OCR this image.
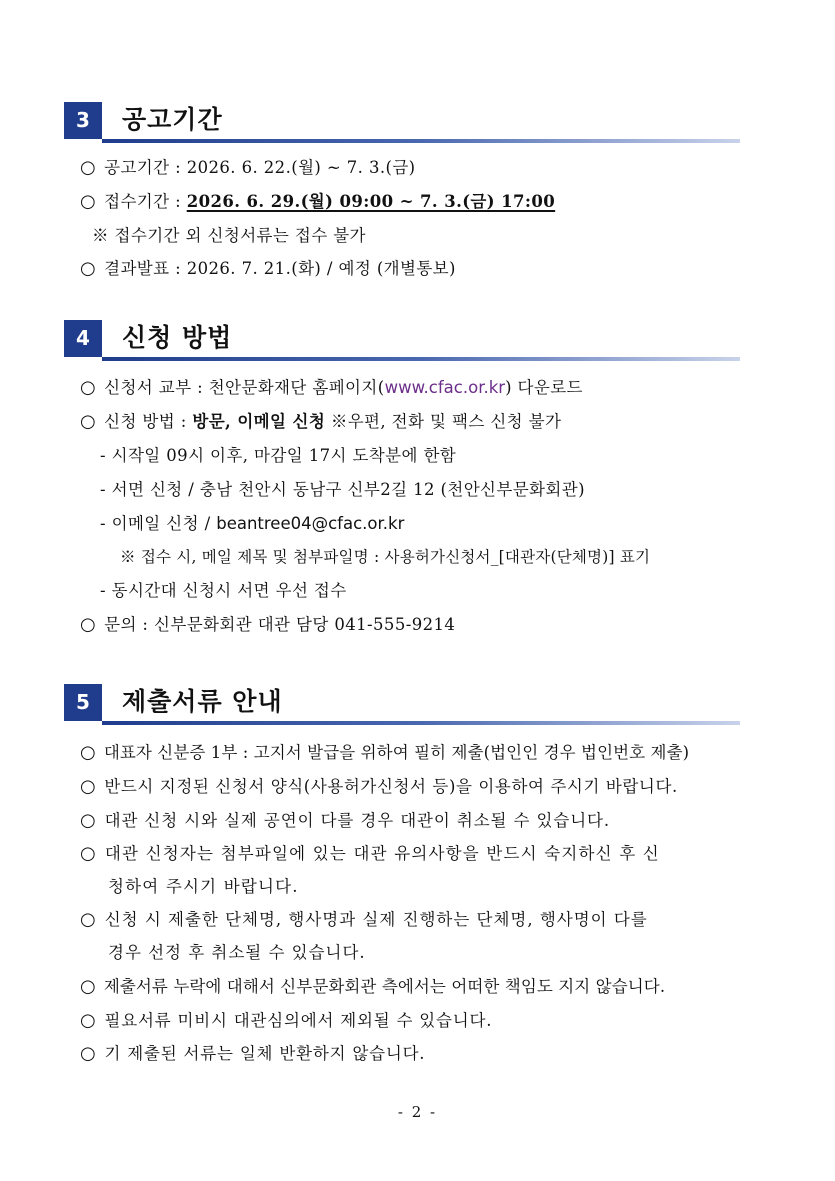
3	공고기간
○ 공고기간 : 2026. 6. 22.(월) ~ 7. 3.(금)
○ 접수기간 : 2026. 6. 29.(월) 09:00 ~ 7. 3.(금) 17:00
※ 접수기간 외 신청서류는 접수 불가
○ 결과발표 : 2026. 7. 21.(화) / 예정 (개별통보)
4	신청 방법
○ 신청서 교부 : 천안문화재단 홈페이지(www.cfac.or.kr) 다운로드
○ 신청 방법 : 방문, 이메일 신청 ※우편, 전화 및 팩스 신청 불가
- 시작일 09시 이후, 마감일 17시 도착분에 한함
- 서면 신청 / 충남 천안시 동남구 신부2길 12 (천안신부문화회관)
- 이메일 신청 / beantree04@cfac.or.kr
※ 접수 시, 메일 제목 및 첨부파일명 : 사용허가신청서_[대관자(단체명)] 표기
- 동시간대 신청시 서면 우선 접수
○ 문의 : 신부문화회관 대관 담당 041-555-9214
5	제출서류 안내
○ 대표자 신분증 1부 : 고지서 발급을 위하여 필히 제출(법인인 경우 법인번호 제출)
○ 반드시 지정된 신청서 양식(사용허가신청서 등)을 이용하여 주시기 바랍니다.
○ 대관 신청 시와 실제 공연이 다를 경우 대관이 취소될 수 있습니다.
○ 대관 신청자는 첨부파일에 있는 대관 유의사항을 반드시 숙지하신 후 신
청하여 주시기 바랍니다.
○ 신청 시 제출한 단체명, 행사명과 실제 진행하는 단체명, 행사명이 다를
경우 선정 후 취소될 수 있습니다.
○ 제출서류 누락에 대해서 신부문화회관 측에서는 어떠한 책임도 지지 않습니다.
○ 필요서류 미비시 대관심의에서 제외될 수 있습니다.
○ 기 제출된 서류는 일체 반환하지 않습니다.
- 2 -
